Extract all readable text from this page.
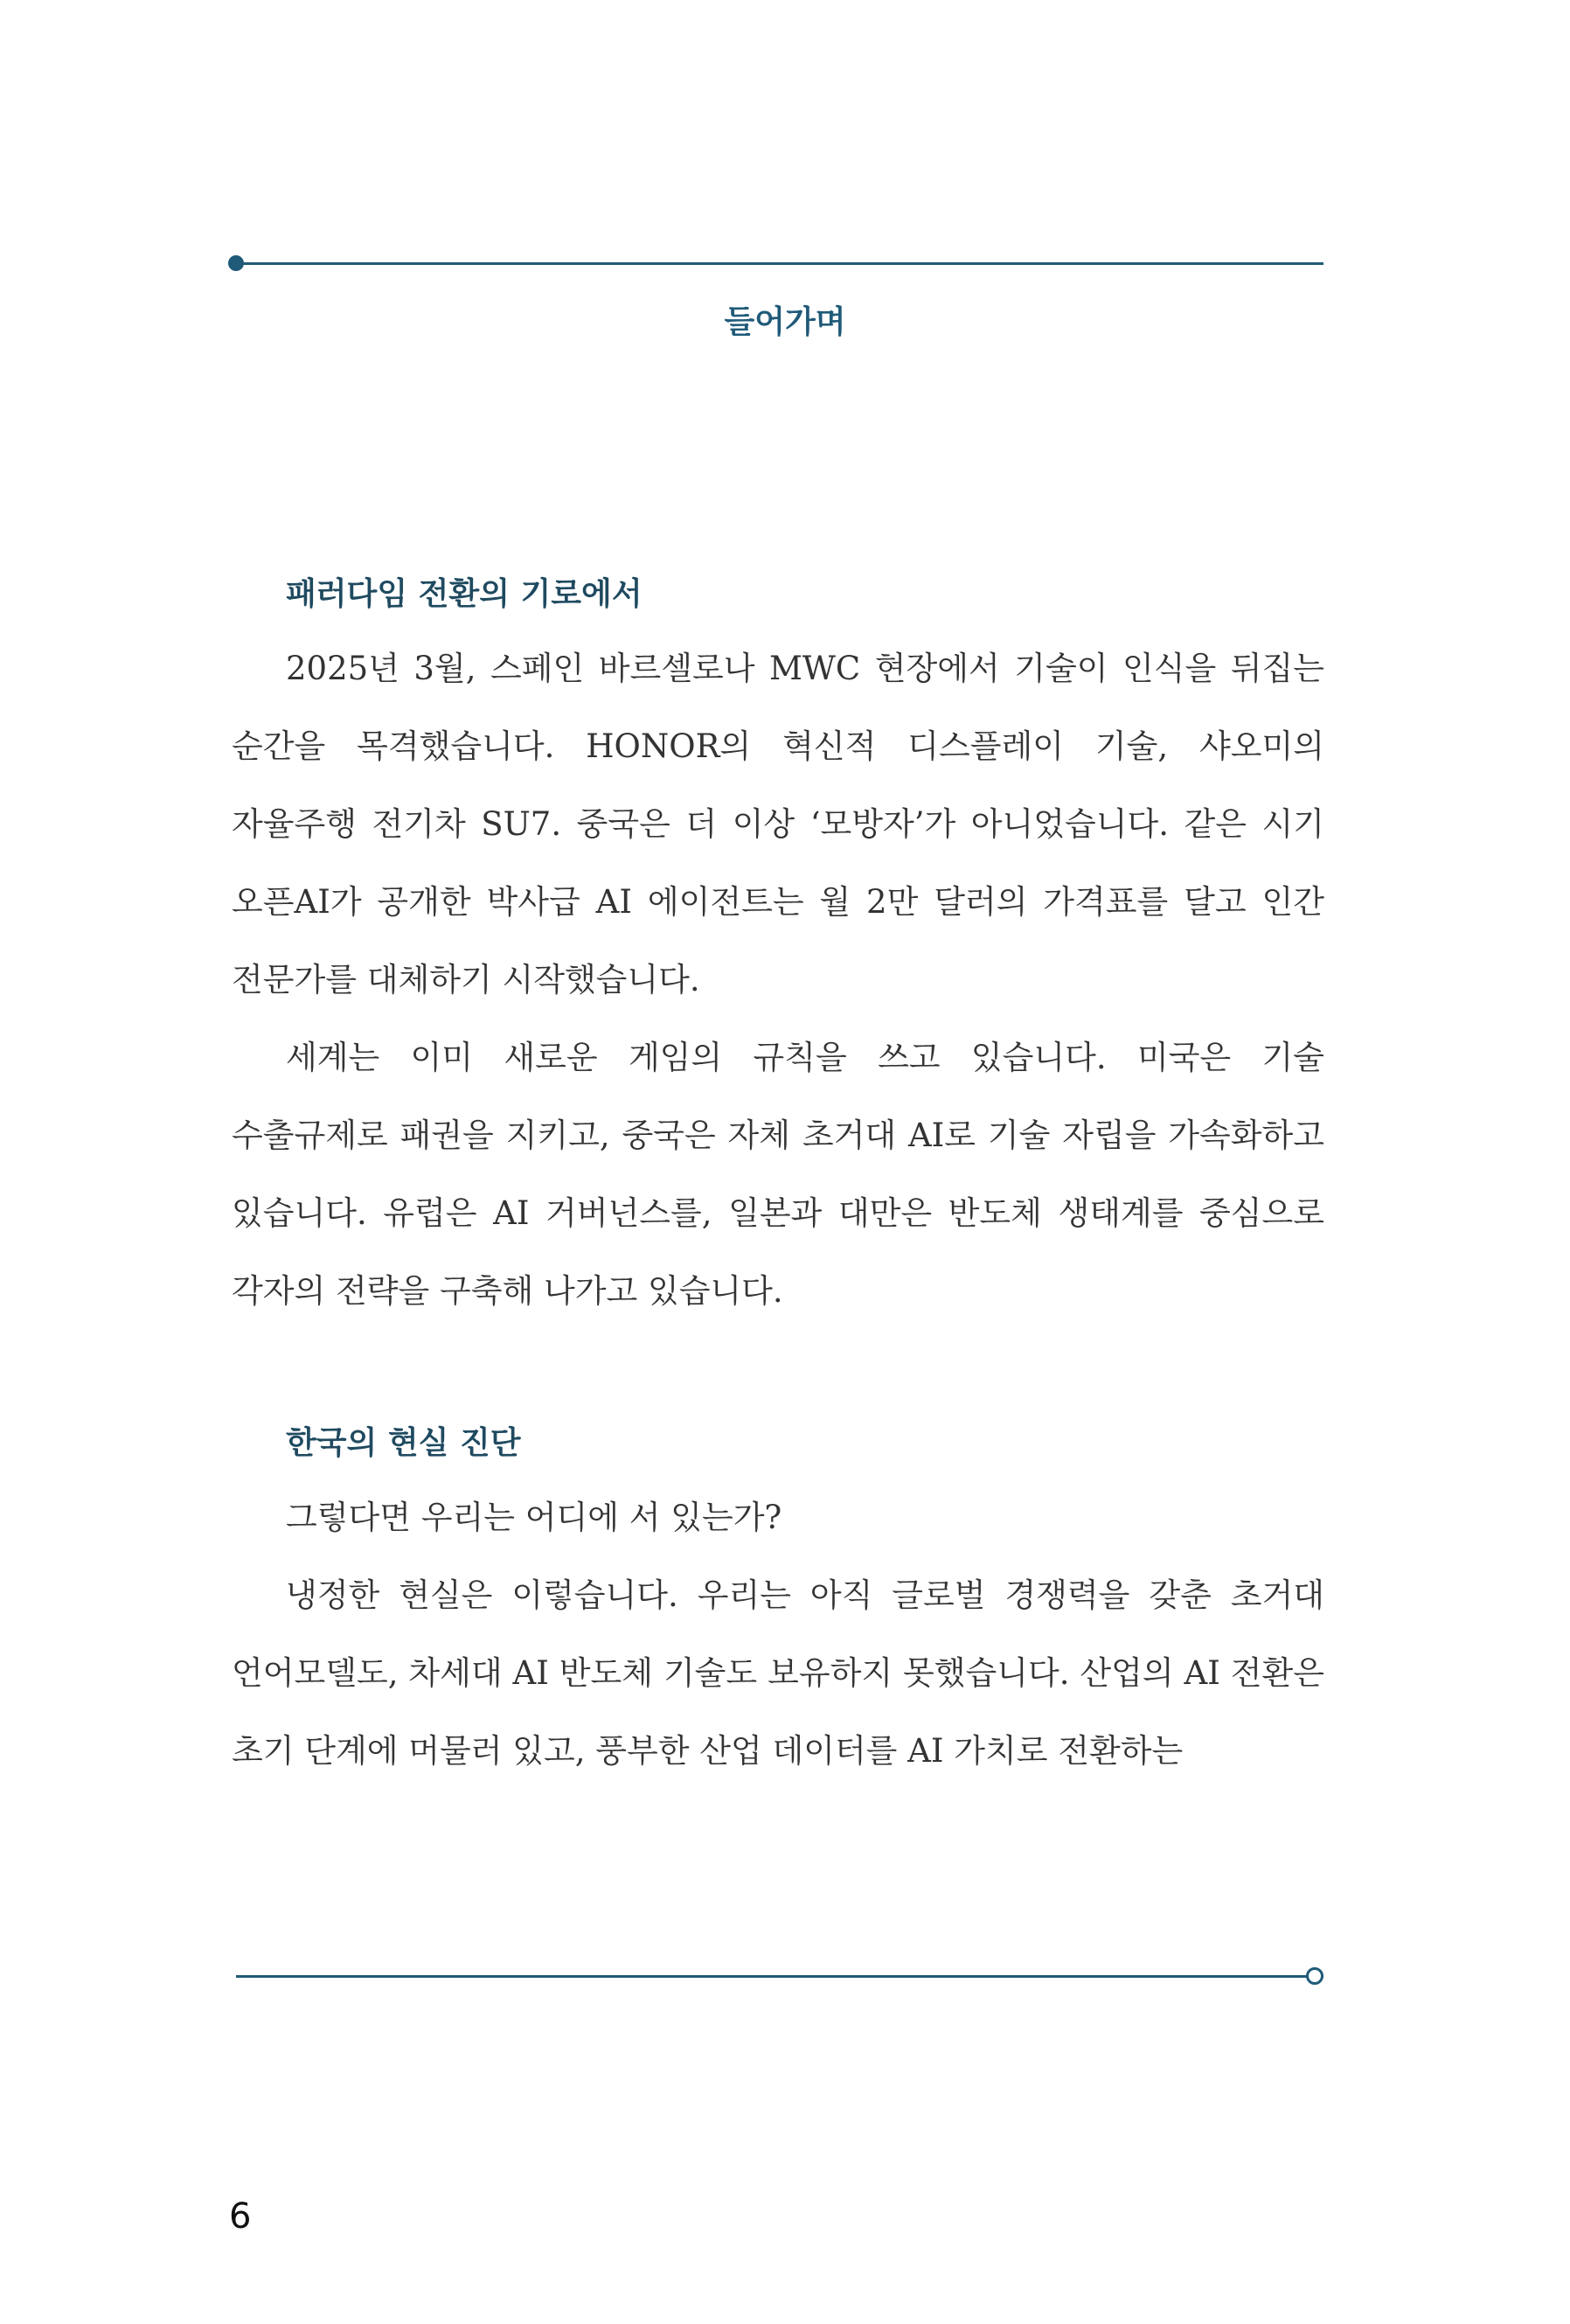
들어가며
패러다임 전환의 기로에서

2025년 3월, 스페인 바르셀로나 MWC 현장에서 기술이 인식을 뒤집는 순간을 목격했습니다. HONOR의 혁신적 디스플레이 기술, 샤오미의 자율주행 전기차 SU7. 중국은 더 이상 ‘모방자’가 아니었습니다. 같은 시기 오픈AI가 공개한 박사급 AI 에이전트는 월 2만 달러의 가격표를 달고 인간 전문가를 대체하기 시작했습니다.

세계는 이미 새로운 게임의 규칙을 쓰고 있습니다. 미국은 기술 수출규제로 패권을 지키고, 중국은 자체 초거대 AI로 기술 자립을 가속화하고 있습니다. 유럽은 AI 거버넌스를, 일본과 대만은 반도체 생태계를 중심으로 각자의 전략을 구축해 나가고 있습니다.

한국의 현실 진단

그렇다면 우리는 어디에 서 있는가?

냉정한 현실은 이렇습니다. 우리는 아직 글로벌 경쟁력을 갖춘 초거대 언어모델도, 차세대 AI 반도체 기술도 보유하지 못했습니다. 산업의 AI 전환은 초기 단계에 머물러 있고, 풍부한 산업 데이터를 AI 가치로 전환하는

6
